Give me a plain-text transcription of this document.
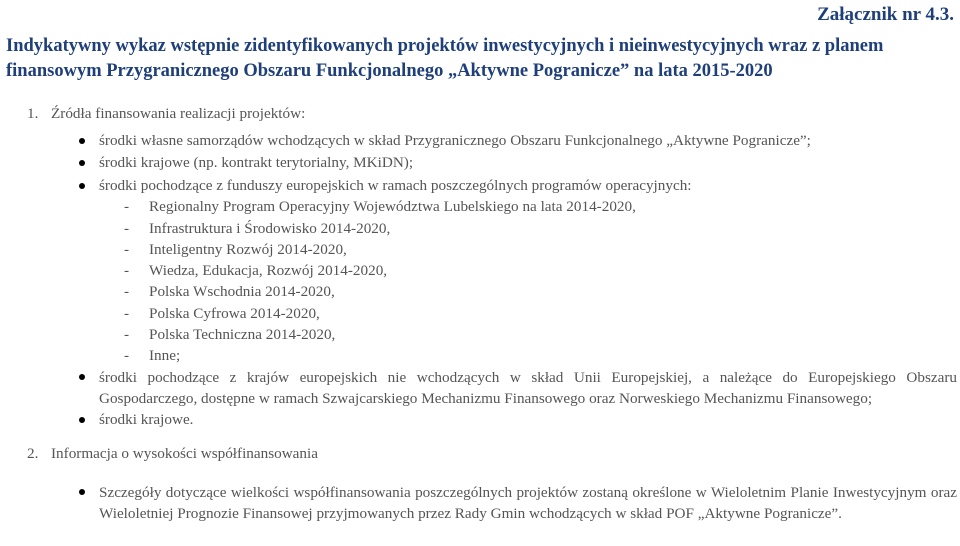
Załącznik nr 4.3.
Indykatywny wykaz wstępnie zidentyfikowanych projektów inwestycyjnych i nieinwestycyjnych wraz z planem finansowym Przygranicznego Obszaru Funkcjonalnego „Aktywne Pogranicze” na lata 2015-2020
1. Źródła finansowania realizacji projektów:
środki własne samorządów wchodzących w skład Przygranicznego Obszaru Funkcjonalnego „Aktywne Pogranicze”;
środki krajowe (np. kontrakt terytorialny, MKiDN);
środki pochodzące z funduszy europejskich w ramach poszczególnych programów operacyjnych:
- Regionalny Program Operacyjny Województwa Lubelskiego na lata 2014-2020,
- Infrastruktura i Środowisko 2014-2020,
- Inteligentny Rozwój 2014-2020,
- Wiedza, Edukacja, Rozwój 2014-2020,
- Polska Wschodnia 2014-2020,
- Polska Cyfrowa 2014-2020,
- Polska Techniczna 2014-2020,
- Inne;
środki pochodzące z krajów europejskich nie wchodzących w skład Unii Europejskiej, a należące do Europejskiego Obszaru Gospodarczego, dostępne w ramach Szwajcarskiego Mechanizmu Finansowego oraz Norweskiego Mechanizmu Finansowego;
środki krajowe.
2. Informacja o wysokości współfinansowania
Szczegóły dotyczące wielkości współfinansowania poszczególnych projektów zostaną określone w Wieloletnim Planie Inwestycyjnym oraz Wieloletniej Prognozie Finansowej przyjmowanych przez Rady Gmin wchodzących w skład POF „Aktywne Pogranicze”.
